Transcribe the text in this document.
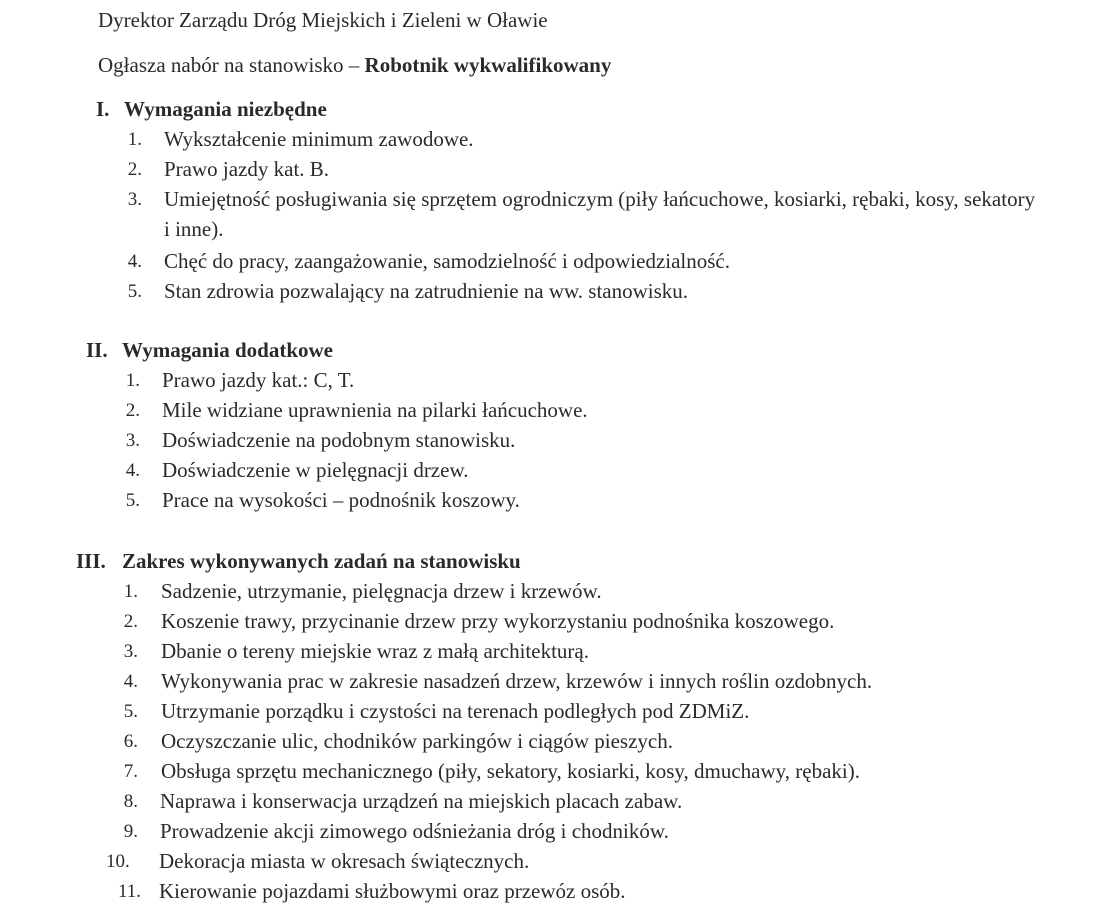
Dyrektor Zarządu Dróg Miejskich i Zieleni w Oławie
Ogłasza nabór na stanowisko – Robotnik wykwalifikowany
I. Wymagania niezbędne
1. Wykształcenie minimum zawodowe.
2. Prawo jazdy kat. B.
3. Umiejętność posługiwania się sprzętem ogrodniczym (piły łańcuchowe, kosiarki, rębaki, kosy, sekatory i inne).
4. Chęć do pracy, zaangażowanie, samodzielność i odpowiedzialność.
5. Stan zdrowia pozwalający na zatrudnienie na ww. stanowisku.
II. Wymagania dodatkowe
1. Prawo jazdy kat.: C, T.
2. Mile widziane uprawnienia na pilarki łańcuchowe.
3. Doświadczenie na podobnym stanowisku.
4. Doświadczenie w pielęgnacji drzew.
5. Prace na wysokości – podnośnik koszowy.
III. Zakres wykonywanych zadań na stanowisku
1. Sadzenie, utrzymanie, pielęgnacja drzew i krzewów.
2. Koszenie trawy, przycinanie drzew przy wykorzystaniu podnośnika koszowego.
3. Dbanie o tereny miejskie wraz z małą architekturą.
4. Wykonywania prac w zakresie nasadzeń drzew, krzewów i innych roślin ozdobnych.
5. Utrzymanie porządku i czystości na terenach podległych pod ZDMiZ.
6. Oczyszczanie ulic, chodników parkingów i ciągów pieszych.
7. Obsługa sprzętu mechanicznego (piły, sekatory, kosiarki, kosy, dmuchawy, rębaki).
8. Naprawa i konserwacja urządzeń na miejskich placach zabaw.
9. Prowadzenie akcji zimowego odśnieżania dróg i chodników.
10.	Dekoracja miasta w okresach świątecznych.
11. Kierowanie pojazdami służbowymi oraz przewóz osób.
